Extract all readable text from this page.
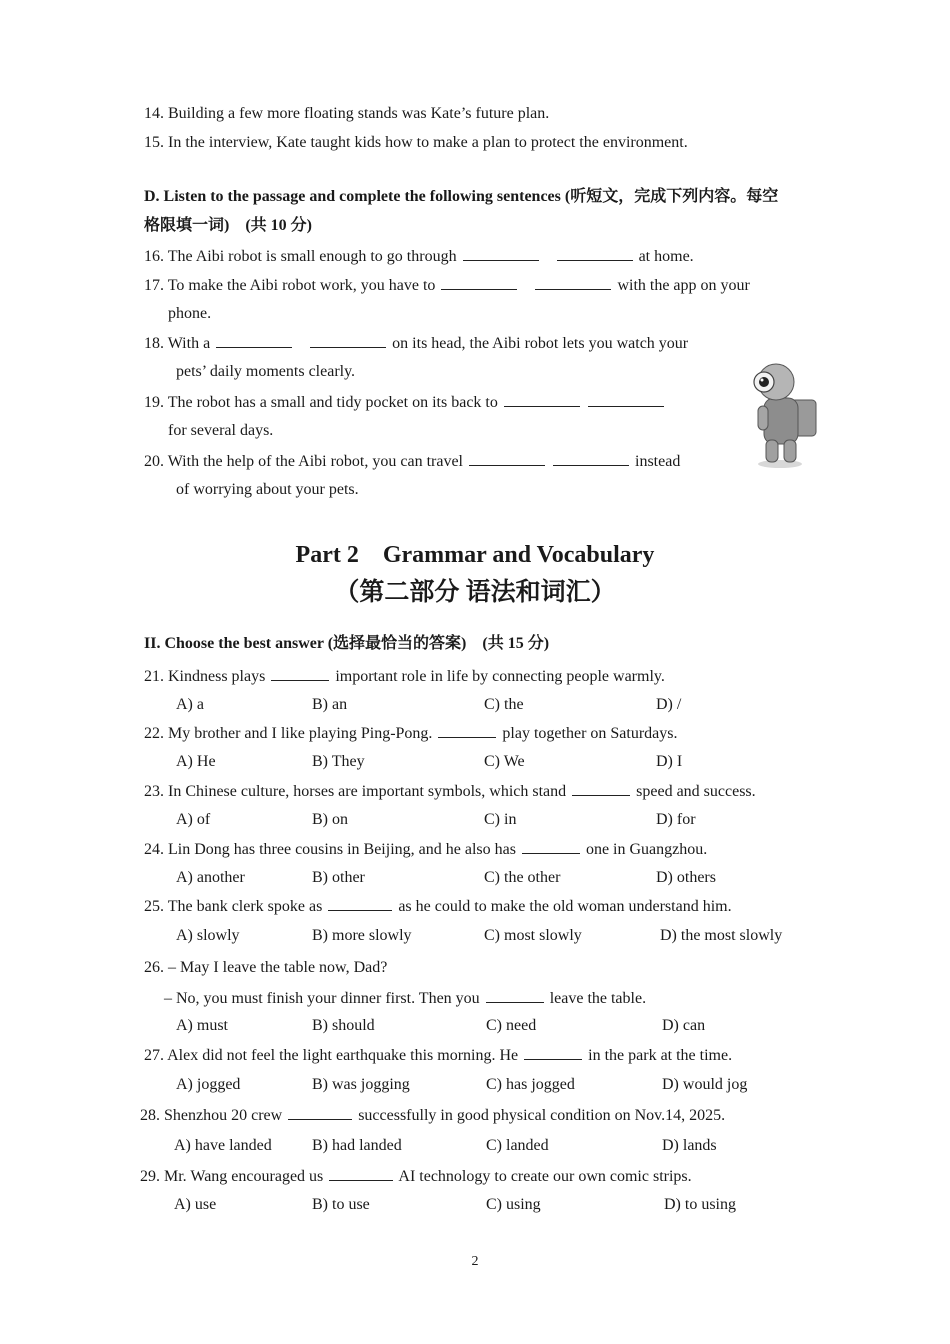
14. Building a few more floating stands was Kate’s future plan.
15. In the interview, Kate taught kids how to make a plan to protect the environment.
D. Listen to the passage and complete the following sentences (听短文，完成下列内容。每空
格限填一词)　(共 10 分)
16. The Aibi robot is small enough to go through	at home.
17. To make the Aibi robot work, you have to	with the app on your
phone.
18. With a	on its head, the Aibi robot lets you watch your
pets’ daily moments clearly.
19. The robot has a small and tidy pocket on its back to
for several days.
20. With the help of the Aibi robot, you can travel	instead
of worrying about your pets.
Part 2　Grammar and Vocabulary
（第二部分 语法和词汇）
II. Choose the best answer (选择最恰当的答案)　(共 15 分)
21. Kindness plays	important role in life by connecting people warmly.
A) a	B) an	C) the	D) /
22. My brother and I like playing Ping-Pong.	play together on Saturdays.
A) He	B) They	C) We	D) I
23. In Chinese culture, horses are important symbols, which stand	speed and success.
A) of	B) on	C) in	D) for
24. Lin Dong has three cousins in Beijing, and he also has	one in Guangzhou.
A) another	B) other	C) the other	D) others
25. The bank clerk spoke as	as he could to make the old woman understand him.
A) slowly	B) more slowly	C) most slowly	D) the most slowly
26. – May I leave the table now, Dad?
– No, you must finish your dinner first. Then you	leave the table.
A) must	B) should	C) need	D) can
27. Alex did not feel the light earthquake this morning. He	in the park at the time.
A) jogged	B) was jogging	C) has jogged	D) would jog
28. Shenzhou 20 crew	successfully in good physical condition on Nov.14, 2025.
A) have landed	B) had landed	C) landed	D) lands
29. Mr. Wang encouraged us	AI technology to create our own comic strips.
A) use	B) to use	C) using	D) to using
2
